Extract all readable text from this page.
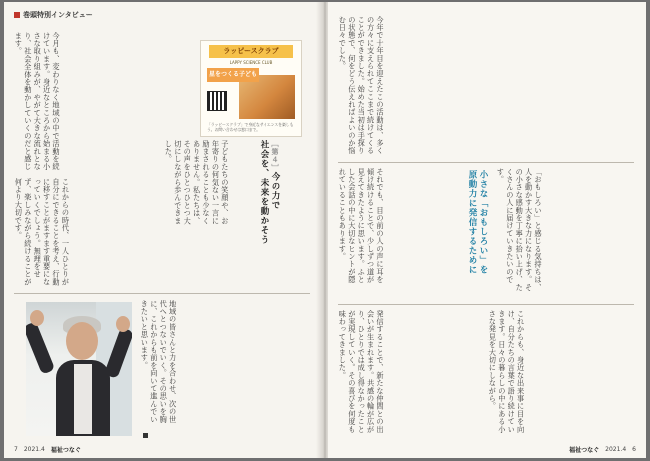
巻頭特別インタビュー
今月も、変わりなく地域の中で活動を続けています。身近なところから始まる小さな取り組みが、やがて大きな流れとなり、社会全体を動かしていくのだと感じます。	ラッピースクラブ
LAPPY SCIENCE CLUB
星をつくる子ども
「ラッピースクラブ」で身近なサイエンスを楽しもう。お問い合わせは窓口まで。
子どもたちの笑顔や、お年寄りの何気ない一言に励まされることも少なくありません。私たちは、その声をひとつひとつ大切にしながら歩んできました。
これからの時代、一人ひとりが自分にできることを考え、行動に移すことがますます重要になっていくでしょう。無理をせず、楽しみながら続けることが何より大切です。
［第４］今の力で
社会を、未来を動かそう
地域の皆さんと力を合わせ、次の世代へとつないでいく。その思いを胸に、これからも前を向いて進んでいきたいと思います。
7 2021.4 福祉つなぐ
今年で十年目を迎えたこの活動は、多くの方々に支えられてここまで続けてくることができました。始めた当初は手探りの状態で、何をどう伝えればよいのか悩む日々でした。
それでも、目の前の人の声に耳を傾け続けることで、少しずつ道が見えてきたように思います。ふとした会話の中に大切なヒントが隠れていることもあります。	小さな「おもしろい」を
原動力に発信するために	「おもしろい」と感じる気持ちは、人を動かす大きな力になります。その小さな感動を丁寧に拾い上げ、たくさんの人に届けていきたいのです。
発信することで、新たな仲間との出会いが生まれます。共感の輪が広がり、ひとりでは成し得なかったことが実現していく。その喜びを何度も味わってきました。	これからも、身近な出来事に目を向け、自分たちの言葉で語り続けていきます。日々の暮らしの中にある小さな発見を大切にしながら。
福祉つなぐ 2021.4 6
